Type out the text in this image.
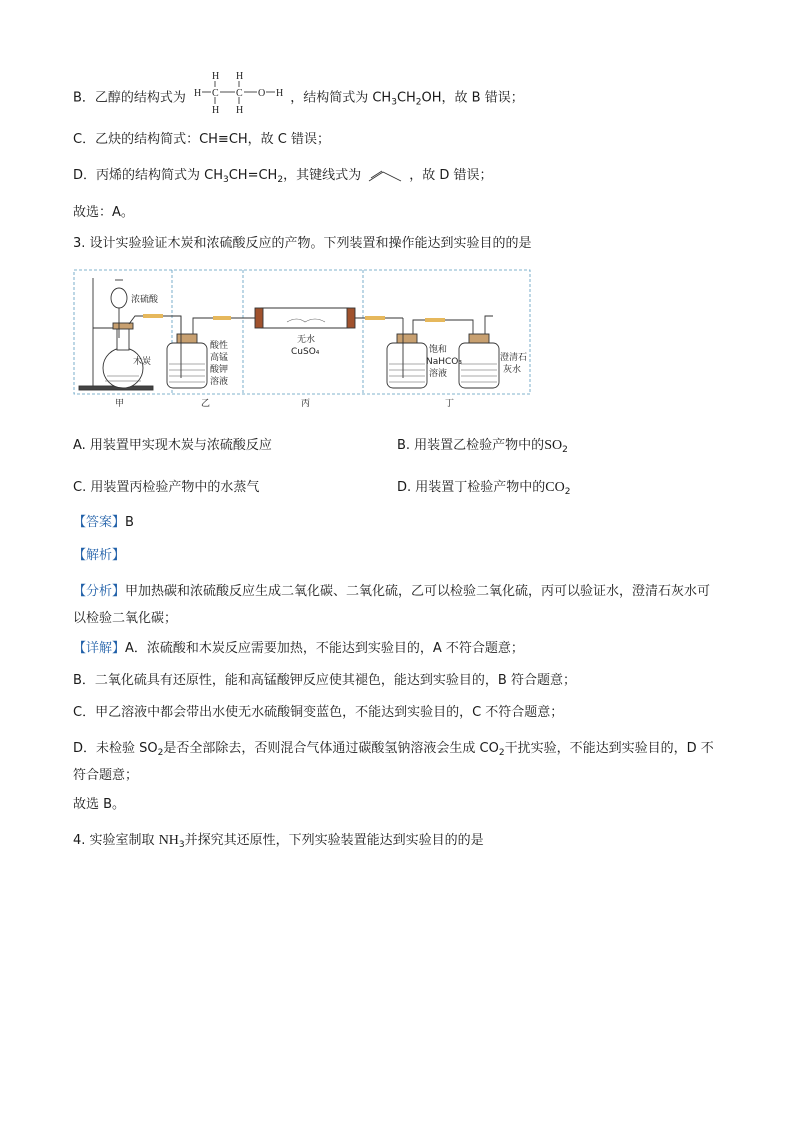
B．乙醇的结构式为 H C C O H
H H
H H
，结构简式为 $CH_3CH_2OH$，故 B 错误；
C．乙炔的结构简式：CH≡CH，故 C 错误；
D．丙烯的结构简式为 $CH_3CH=CH_2$，其键线式为	，故 D 错误；
故选：A。
3. 设计实验验证木炭和浓硫酸反应的产物。下列装置和操作能达到实验目的的是
浓硫酸
木炭
酸性
高锰
酸钾
溶液
无水
CuSO₄	饱和
NaHCO₃
溶液
澄清石
灰水
甲	乙	丙	丁
A. 用装置甲实现木炭与浓硫酸反应	B. 用装置乙检验产物中的$SO_2$
C. 用装置丙检验产物中的水蒸气	D. 用装置丁检验产物中的$CO_2$
【答案】B
【解析】
【分析】甲加热碳和浓硫酸反应生成二氧化碳、二氧化硫，乙可以检验二氧化硫，丙可以验证水，澄清石灰水可以检验二氧化碳；
【详解】A．浓硫酸和木炭反应需要加热，不能达到实验目的，A 不符合题意；
B．二氧化硫具有还原性，能和高锰酸钾反应使其褪色，能达到实验目的，B 符合题意；
C．甲乙溶液中都会带出水使无水硫酸铜变蓝色，不能达到实验目的，C 不符合题意；
D．未检验 $SO_2$是否全部除去，否则混合气体通过碳酸氢钠溶液会生成 $CO_2$干扰实验，不能达到实验目的，D 不符合题意；
故选 B。
4. 实验室制取 $NH_3$并探究其还原性，下列实验装置能达到实验目的的是
